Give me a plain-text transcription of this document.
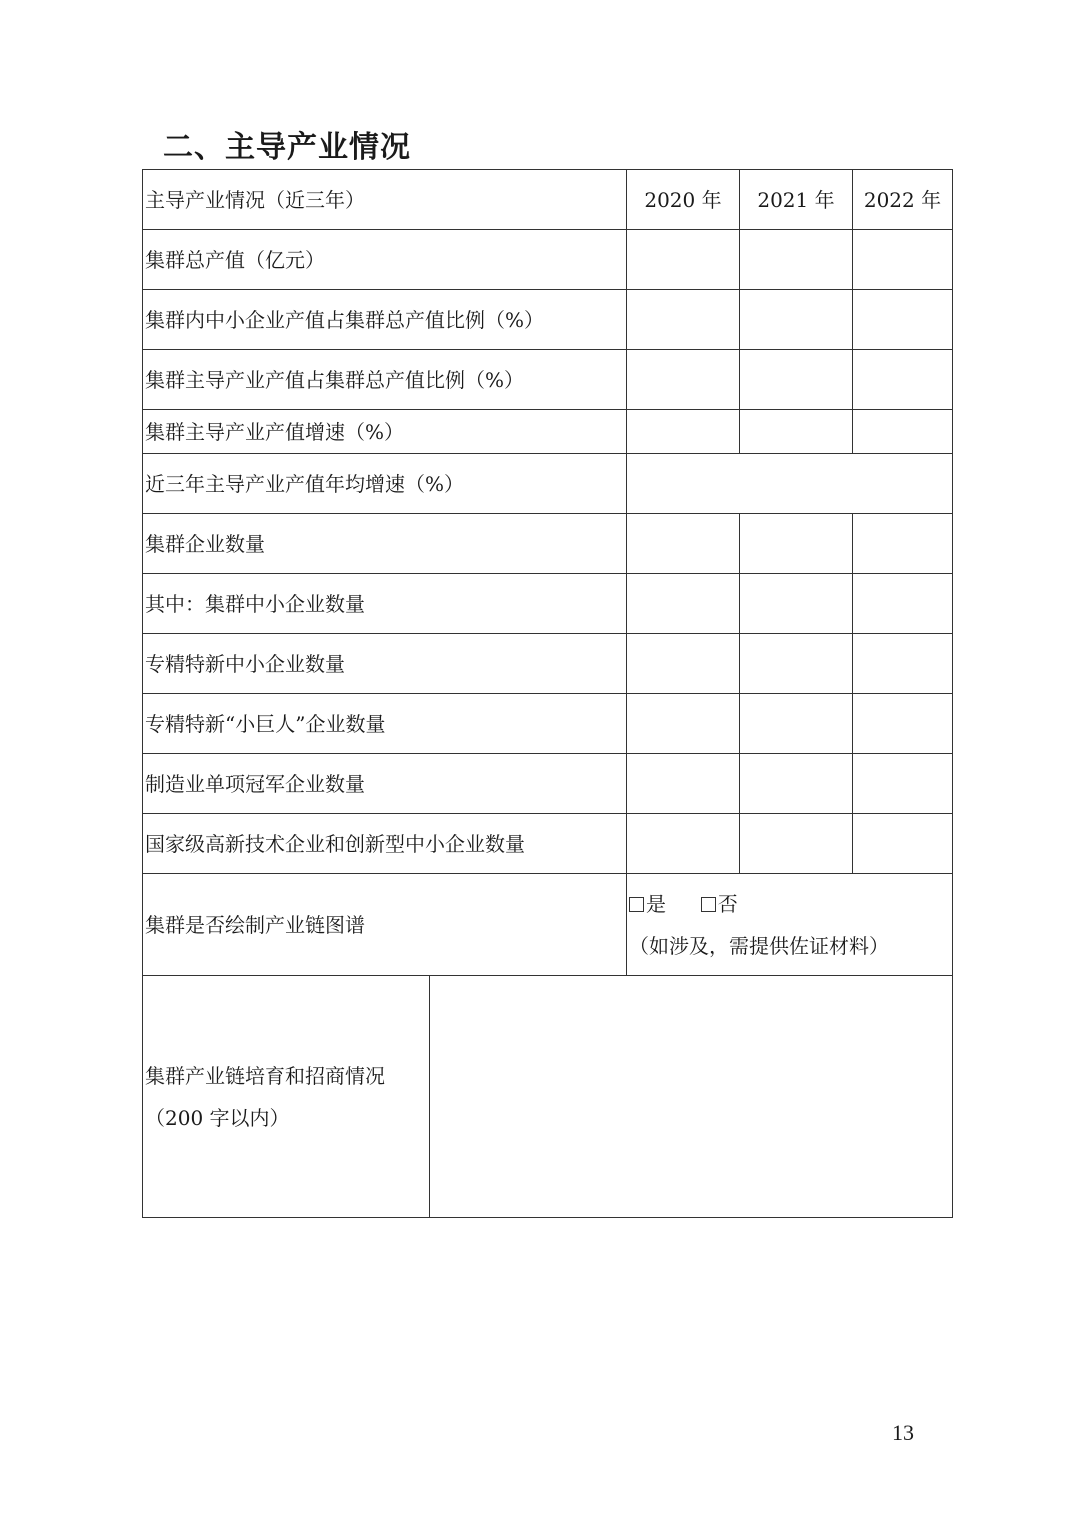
二、主导产业情况
主导产业情况（近三年）		2020 年	2021 年	2022 年
集群总产值（亿元）				
集群内中小企业产值占集群总产值比例（%）				
集群主导产业产值占集群总产值比例（%）				
集群主导产业产值增速（%）				
近三年主导产业产值年均增速（%）				
集群企业数量				
其中：集群中小企业数量				
专精特新中小企业数量				
专精特新“小巨人”企业数量				
制造业单项冠军企业数量				
国家级高新技术企业和创新型中小企业数量				
集群是否绘制产业链图谱		是 否
（如涉及，需提供佐证材料）		

集群产业链培育和招商情况
（200 字以内）				

13
